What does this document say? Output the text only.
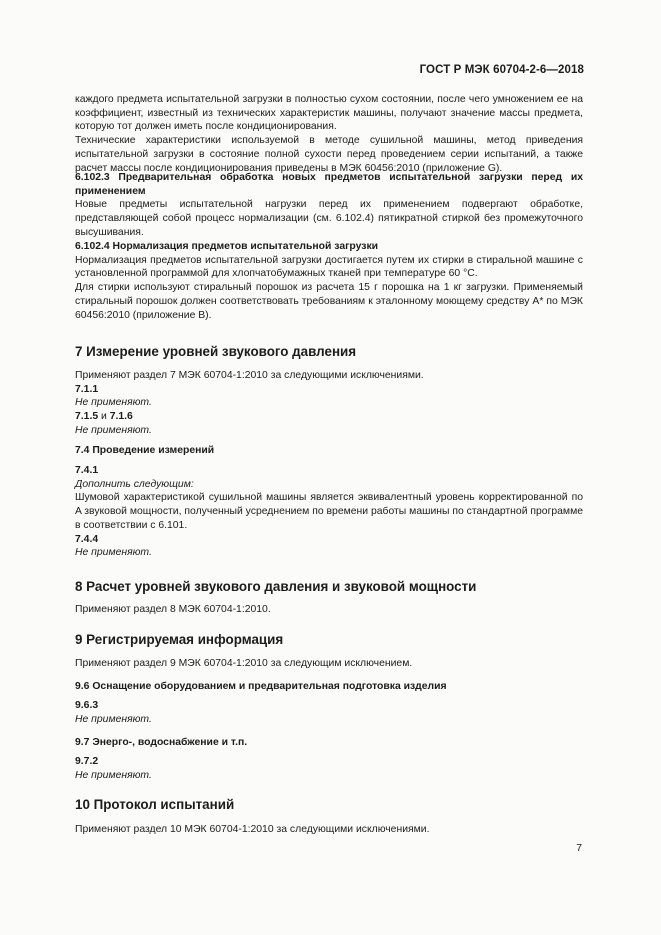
ГОСТ Р МЭК 60704-2-6—2018

каждого предмета испытательной загрузки в полностью сухом состоянии, после чего умножением ее на коэффициент, известный из технических характеристик машины, получают значение массы предмета, которую тот должен иметь после кондиционирования.

Технические характеристики используемой в методе сушильной машины, метод приведения испытательной загрузки в состояние полной сухости перед проведением серии испытаний, а также расчет массы после кондиционирования приведены в МЭК 60456:2010 (приложение G).

6.102.3 Предварительная обработка новых предметов испытательной загрузки перед их применением

Новые предметы испытательной нагрузки перед их применением подвергают обработке, представляющей собой процесс нормализации (см. 6.102.4) пятикратной стиркой без промежуточного высушивания.

6.102.4 Нормализация предметов испытательной загрузки

Нормализация предметов испытательной загрузки достигается путем их стирки в стиральной машине с установленной программой для хлопчатобумажных тканей при температуре 60 °C.

Для стирки используют стиральный порошок из расчета 15 г порошка на 1 кг загрузки. Применяемый стиральный порошок должен соответствовать требованиям к эталонному моющему средству А* по МЭК 60456:2010 (приложение В).

7 Измерение уровней звукового давления

Применяют раздел 7 МЭК 60704-1:2010 за следующими исключениями.

7.1.1

Не применяют.

7.1.5 и 7.1.6

Не применяют.

7.4 Проведение измерений

7.4.1

Дополнить следующим:

Шумовой характеристикой сушильной машины является эквивалентный уровень корректированной по A звуковой мощности, полученный усреднением по времени работы машины по стандартной программе в соответствии с 6.101.

7.4.4

Не применяют.

8 Расчет уровней звукового давления и звуковой мощности

Применяют раздел 8 МЭК 60704-1:2010.

9 Регистрируемая информация

Применяют раздел 9 МЭК 60704-1:2010 за следующим исключением.

9.6 Оснащение оборудованием и предварительная подготовка изделия

9.6.3

Не применяют.

9.7 Энерго-, водоснабжение и т.п.

9.7.2

Не применяют.

10 Протокол испытаний

Применяют раздел 10 МЭК 60704-1:2010 за следующими исключениями.

7
